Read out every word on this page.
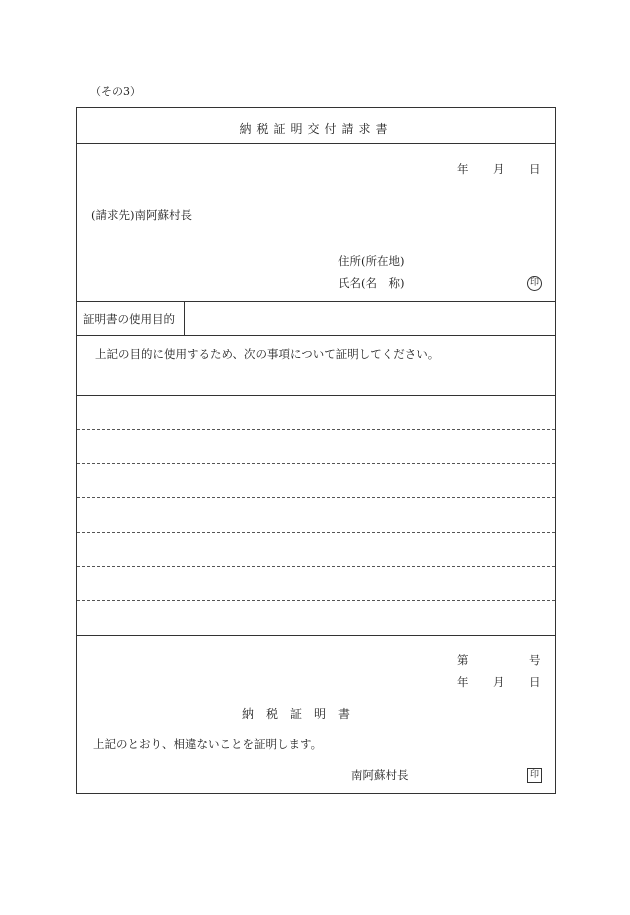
（その3）
納税証明交付請求書
年 月 日
(請求先)南阿蘇村長
住所(所在地)
氏名(名　称)	印
証明書の使用目的
上記の目的に使用するため、次の事項について証明してください。
第	号
年 月 日
納　税　証　明　書
上記のとおり、相違ないことを証明します。
南阿蘇村長	印
